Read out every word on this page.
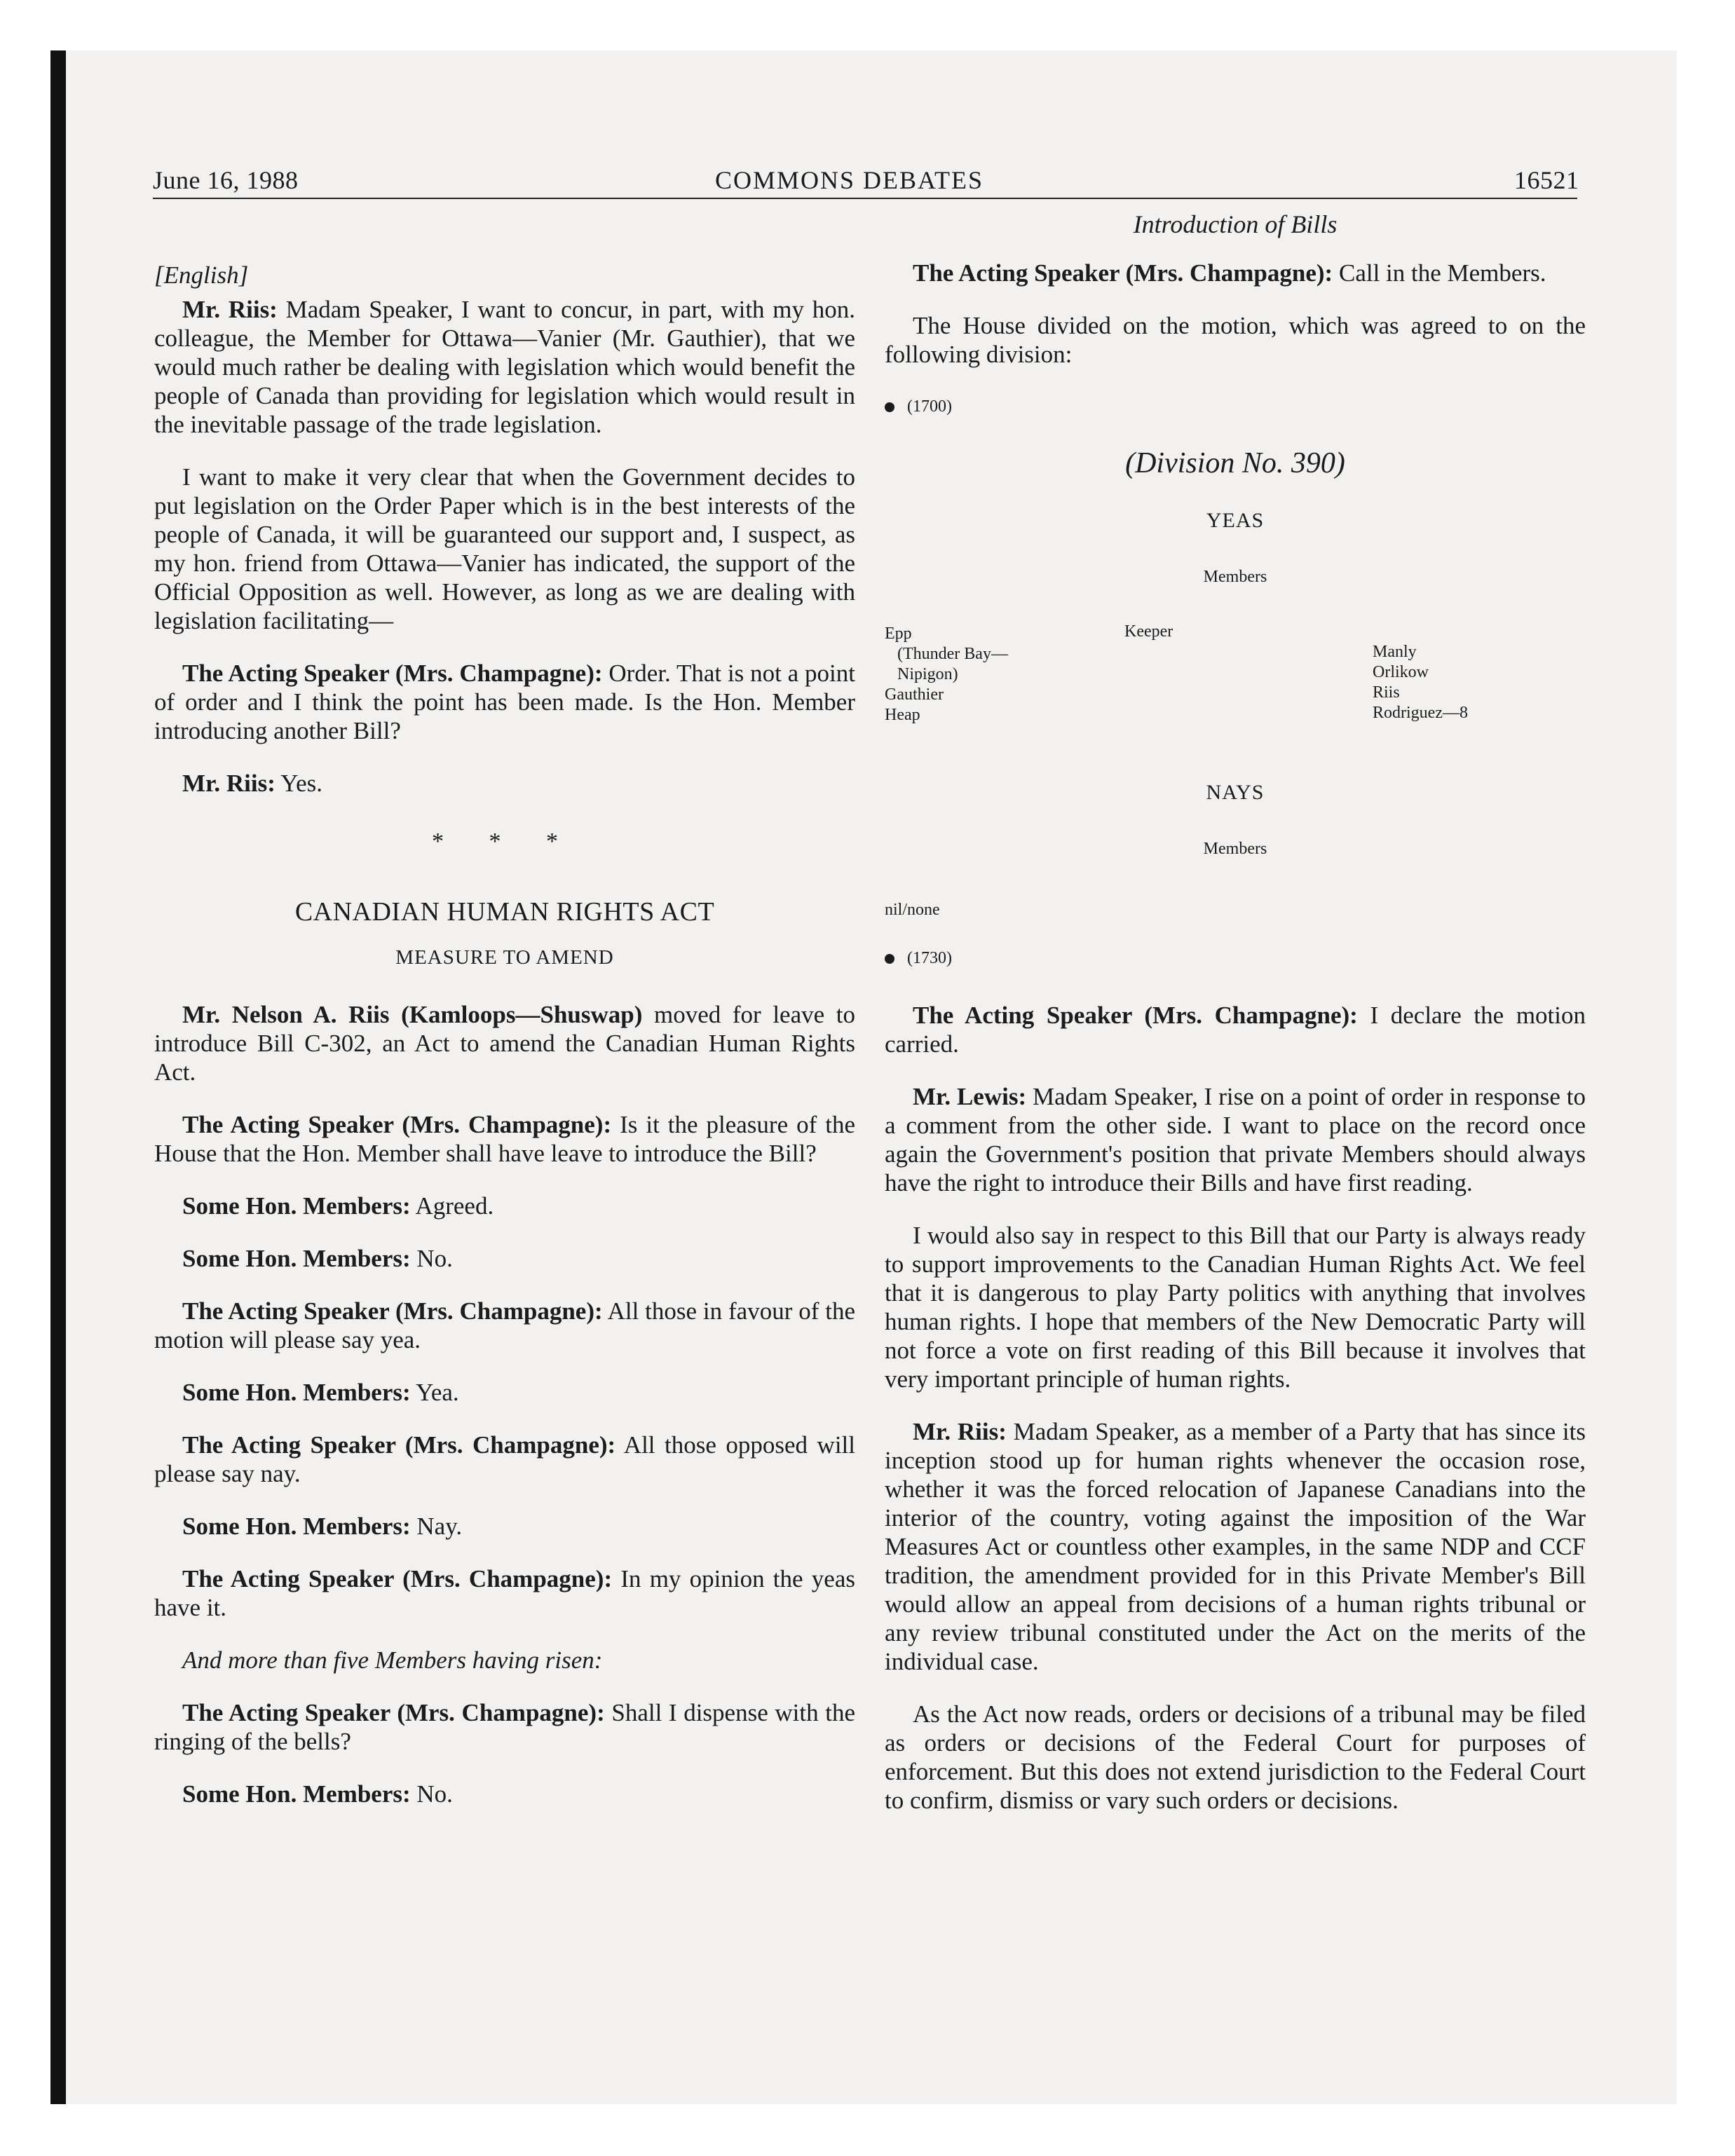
June 16, 1988	COMMONS DEBATES	16521

[English]

Mr. Riis: Madam Speaker, I want to concur, in part, with my hon. colleague, the Member for Ottawa—Vanier (Mr. Gauthier), that we would much rather be dealing with legislation which would benefit the people of Canada than providing for legislation which would result in the inevitable passage of the trade legislation.

I want to make it very clear that when the Government decides to put legislation on the Order Paper which is in the best interests of the people of Canada, it will be guaranteed our support and, I suspect, as my hon. friend from Ottawa—Vanier has indicated, the support of the Official Opposition as well. However, as long as we are dealing with legislation facilitating—

The Acting Speaker (Mrs. Champagne): Order. That is not a point of order and I think the point has been made. Is the Hon. Member introducing another Bill?

Mr. Riis: Yes.

* * *
CANADIAN HUMAN RIGHTS ACT
MEASURE TO AMEND

Mr. Nelson A. Riis (Kamloops—Shuswap) moved for leave to introduce Bill C-302, an Act to amend the Canadian Human Rights Act.

The Acting Speaker (Mrs. Champagne): Is it the pleasure of the House that the Hon. Member shall have leave to introduce the Bill?

Some Hon. Members: Agreed.

Some Hon. Members: No.

The Acting Speaker (Mrs. Champagne): All those in favour of the motion will please say yea.

Some Hon. Members: Yea.

The Acting Speaker (Mrs. Champagne): All those opposed will please say nay.

Some Hon. Members: Nay.

The Acting Speaker (Mrs. Champagne): In my opinion the yeas have it.

And more than five Members having risen:

The Acting Speaker (Mrs. Champagne): Shall I dispense with the ringing of the bells?

Some Hon. Members: No.

Introduction of Bills

The Acting Speaker (Mrs. Champagne): Call in the Members.

The House divided on the motion, which was agreed to on the following division:

(1700)
(Division No. 390)
YEAS
Members
Epp
(Thunder Bay—
Nipigon)
Gauthier
Heap
Keeper
Manly
Orlikow
Riis
Rodriguez—8
NAYS
Members
nil/none
(1730)

The Acting Speaker (Mrs. Champagne): I declare the motion carried.

Mr. Lewis: Madam Speaker, I rise on a point of order in response to a comment from the other side. I want to place on the record once again the Government's position that private Members should always have the right to introduce their Bills and have first reading.

I would also say in respect to this Bill that our Party is always ready to support improvements to the Canadian Human Rights Act. We feel that it is dangerous to play Party politics with anything that involves human rights. I hope that members of the New Democratic Party will not force a vote on first reading of this Bill because it involves that very important principle of human rights.

Mr. Riis: Madam Speaker, as a member of a Party that has since its inception stood up for human rights whenever the occasion rose, whether it was the forced relocation of Japanese Canadians into the interior of the country, voting against the imposition of the War Measures Act or countless other examples, in the same NDP and CCF tradition, the amendment provided for in this Private Member's Bill would allow an appeal from decisions of a human rights tribunal or any review tribunal constituted under the Act on the merits of the individual case.

As the Act now reads, orders or decisions of a tribunal may be filed as orders or decisions of the Federal Court for purposes of enforcement. But this does not extend jurisdiction to the Federal Court to confirm, dismiss or vary such orders or decisions.
